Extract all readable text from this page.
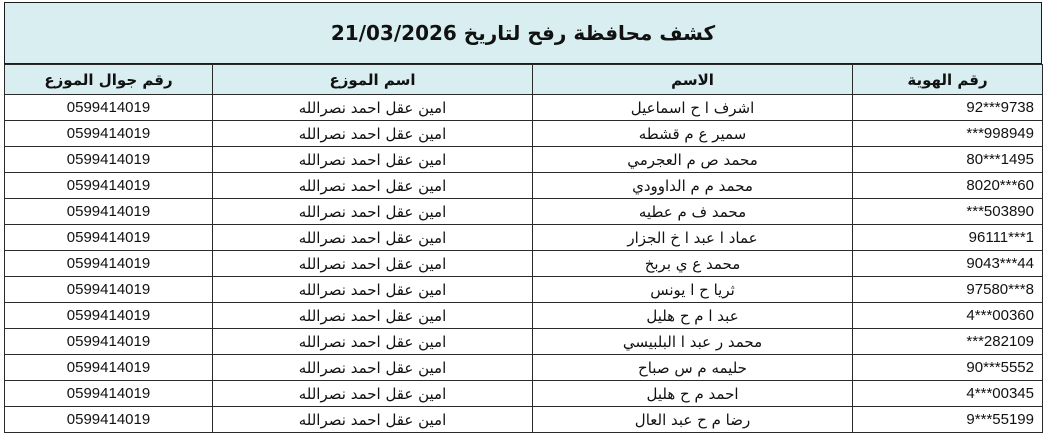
كشف محافظة رفح لتاريخ 21/03/2026
رقم جوال الموزع	اسم الموزع	الاسم	رقم الهوية
0599414019	امين عقل احمد نصرالله	اشرف ا ح اسماعيل	92***9738
0599414019	امين عقل احمد نصرالله	سمير ع م قشطه	***998949
0599414019	امين عقل احمد نصرالله	محمد ص م العجرمي	80***1495
0599414019	امين عقل احمد نصرالله	محمد م م الداوودي	8020***60
0599414019	امين عقل احمد نصرالله	محمد ف م عطيه	***503890
0599414019	امين عقل احمد نصرالله	عماد ا عبد ا خ الجزار	96111***1
0599414019	امين عقل احمد نصرالله	محمد ع ي بربخ	9043***44
0599414019	امين عقل احمد نصرالله	ثريا ح ا يونس	97580***8
0599414019	امين عقل احمد نصرالله	عبد ا م ح هليل	4***00360
0599414019	امين عقل احمد نصرالله	محمد ر عبد ا البلبيسي	***282109
0599414019	امين عقل احمد نصرالله	حليمه م س صباح	90***5552
0599414019	امين عقل احمد نصرالله	احمد م ح هليل	4***00345
0599414019	امين عقل احمد نصرالله	رضا م ح عبد العال	9***55199
